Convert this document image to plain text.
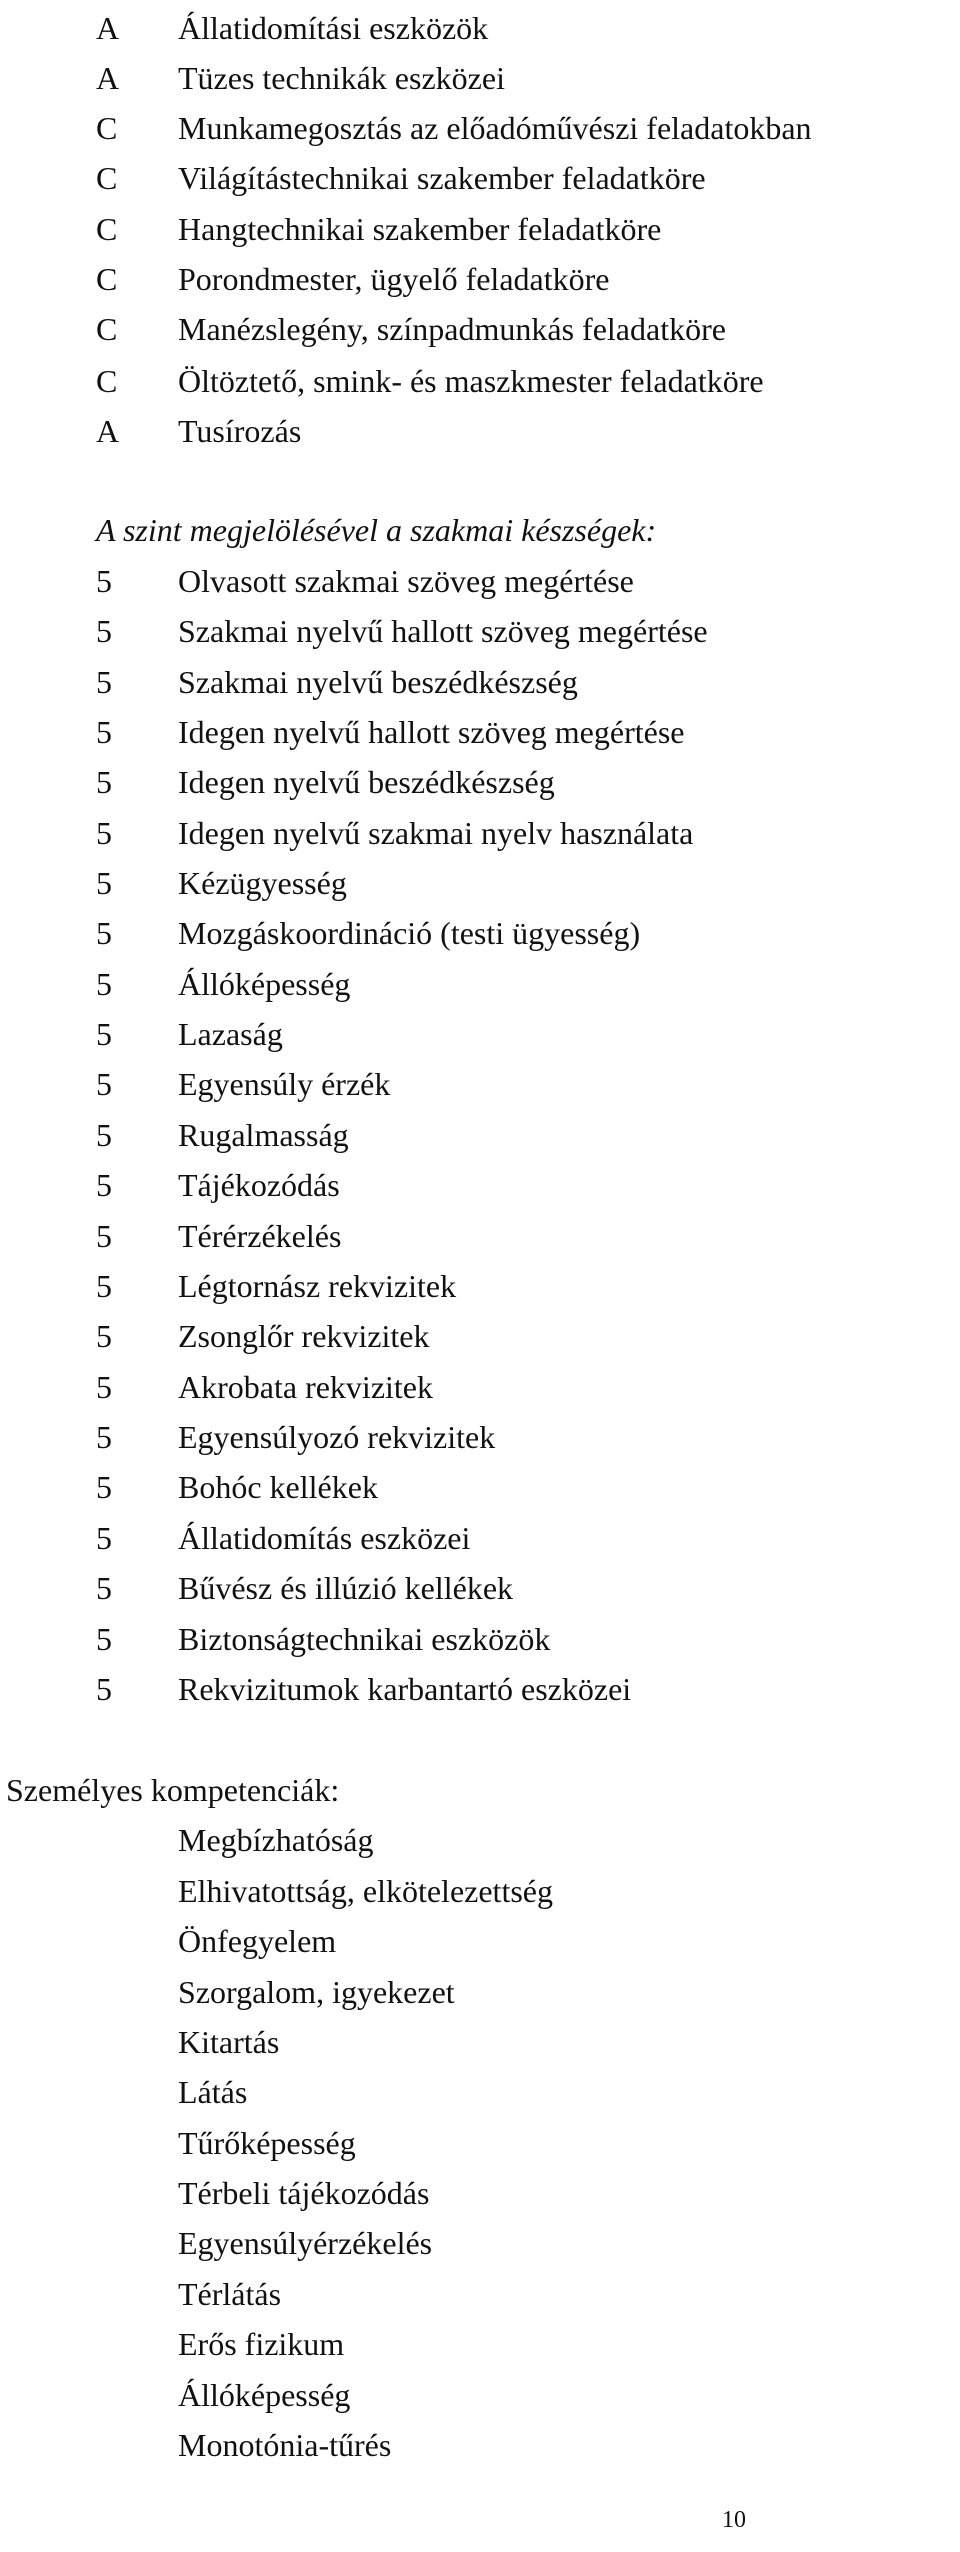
A	Állatidomítási eszközök
A	Tüzes technikák eszközei
C	Munkamegosztás az előadóművészi feladatokban
C	Világítástechnikai szakember feladatköre
C	Hangtechnikai szakember feladatköre
C	Porondmester, ügyelő feladatköre
C	Manézslegény, színpadmunkás feladatköre
C	Öltöztető, smink- és maszkmester feladatköre
A	Tusírozás
A szint megjelölésével a szakmai készségek:
5	Olvasott szakmai szöveg megértése
5	Szakmai nyelvű hallott szöveg megértése
5	Szakmai nyelvű beszédkészség
5	Idegen nyelvű hallott szöveg megértése
5	Idegen nyelvű beszédkészség
5	Idegen nyelvű szakmai nyelv használata
5	Kézügyesség
5	Mozgáskoordináció (testi ügyesség)
5	Állóképesség
5	Lazaság
5	Egyensúly érzék
5	Rugalmasság
5	Tájékozódás
5	Térérzékelés
5	Légtornász rekvizitek
5	Zsonglőr rekvizitek
5	Akrobata rekvizitek
5	Egyensúlyozó rekvizitek
5	Bohóc kellékek
5	Állatidomítás eszközei
5	Bűvész és illúzió kellékek
5	Biztonságtechnikai eszközök
5	Rekvizitumok karbantartó eszközei
Személyes kompetenciák:
Megbízhatóság
Elhivatottság, elkötelezettség
Önfegyelem
Szorgalom, igyekezet
Kitartás
Látás
Tűrőképesség
Térbeli tájékozódás
Egyensúlyérzékelés
Térlátás
Erős fizikum
Állóképesség
Monotónia-tűrés
10
